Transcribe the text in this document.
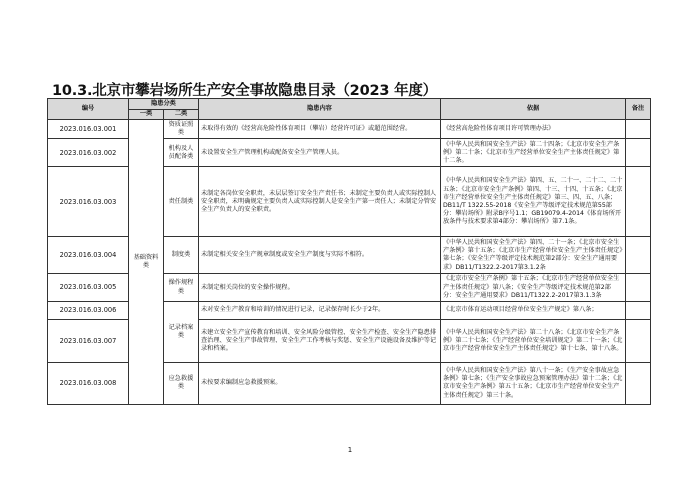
10.3.北京市攀岩场所生产安全事故隐患目录（2023 年度）
编号	隐患分类		隐患内容	依据	备注
	一类	二类			
2023.016.03.001	基础资料类	资质证照类	未取得有效的《经营高危险性体育项目（攀岩）经营许可证》或超范围经营。	《经营高危险性体育项目许可管理办法》	
2023.016.03.002		机构及人员配备类	未设置安全生产管理机构或配备安全生产管理人员。	《中华人民共和国安全生产法》第二十四条；《北京市安全生产条例》第二十条；《北京市生产经营单位安全生产主体责任规定》第十二条。	
2023.016.03.003		责任制类	未制定各岗位安全职责，未层层签订安全生产责任书；未制定主要负责人或实际控制人安全职责，未明确规定主要负责人或实际控制人是安全生产第一责任人；未制定分管安全生产负责人的安全职责。	《中华人民共和国安全生产法》第四、五、二十一、二十二、二十五条；《北京市安全生产条例》第四、十三、十四、十五条；《北京市生产经营单位安全生产主体责任规定》第三、四、五、八条；DB11/T 1322.55-2018《安全生产等级评定技术规范第55部分：攀岩场所》附录B序号1.1；GB19079.4-2014《体育场所开放条件与技术要求第4部分：攀岩场所》第7.1条。	
2023.016.03.004		制度类	未制定相关安全生产规章制度或安全生产制度与实际不相符。	《中华人民共和国安全生产法》第四、二十一条；《北京市安全生产条例》第十五条；《北京市生产经营单位安全生产主体责任规定》第七条；《安全生产等级评定技术规范第2部分：安全生产通用要求》DB11/T1322.2-2017第3.1.2条	
2023.016.03.005		操作规程类	未制定相关岗位的安全操作规程。	《北京市安全生产条例》第十五条；《北京市生产经营单位安全生产主体责任规定》第八条；《安全生产等级评定技术规范第2部分：安全生产通用要求》DB11/T1322.2-2017第3.1.3条	
2023.016.03.006		记录档案类	未对安全生产教育和培训的情况进行记录，记录保存时长少于2年。	《北京市体育运动项目经营单位安全生产规定》第八条；	
2023.016.03.007			未建立安全生产宣传教育和培训、安全风险分级管控、安全生产检查、安全生产隐患排查治理、安全生产事故管理、安全生产工作考核与奖惩、安全生产设施设备及维护等记录和档案。	《中华人民共和国安全生产法》第二十八条；《北京市安全生产条例》第二十七条；《生产经营单位安全培训规定》第二十一条；《北京市生产经营单位安全生产主体责任规定》第十七条、第十八条。	
2023.016.03.008		应急救援类	未按要求编制应急救援预案。	《中华人民共和国安全生产法》第八十一条；《生产安全事故应急条例》第七条；《生产安全事故应急预案管理办法》第十二条；《北京市安全生产条例》第五十五条；《北京市生产经营单位安全生产主体责任规定》第三十条。	
1
